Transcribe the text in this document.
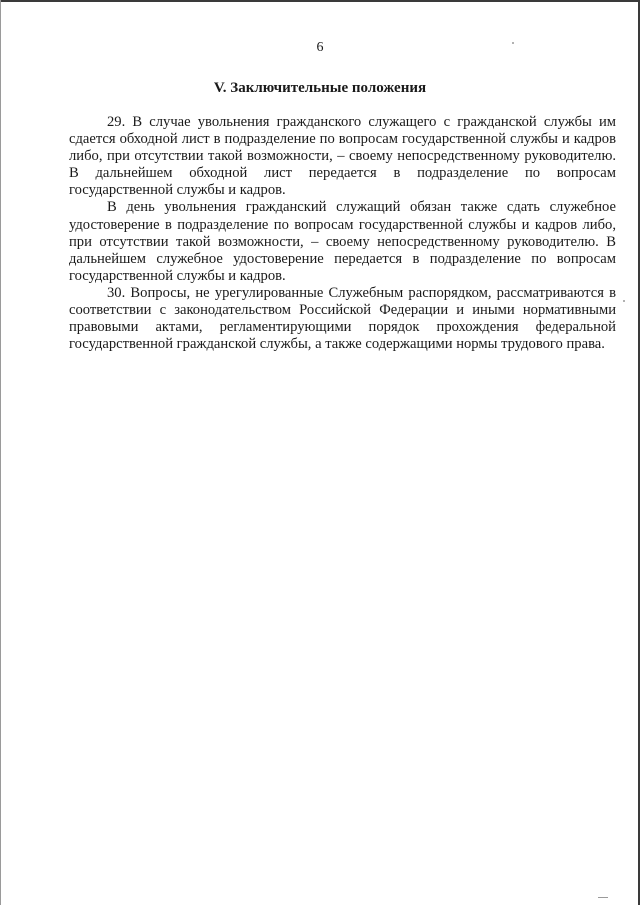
6
V. Заключительные положения

29. В случае увольнения гражданского служащего с гражданской службы им сдается обходной лист в подразделение по вопросам государственной службы и кадров либо, при отсутствии такой возможности, – своему непосредственному руководителю. В дальнейшем обходной лист передается в подразделение по вопросам государственной службы и кадров.

В день увольнения гражданский служащий обязан также сдать служебное удостоверение в подразделение по вопросам государственной службы и кадров либо, при отсутствии такой возможности, – своему непосредственному руководителю. В дальнейшем служебное удостоверение передается в подразделение по вопросам государственной службы и кадров.

30. Вопросы, не урегулированные Служебным распорядком, рассматриваются в соответствии с законодательством Российской Федерации и иными нормативными правовыми актами, регламентирующими порядок прохождения федеральной государственной гражданской службы, а также содержащими нормы трудового права.
